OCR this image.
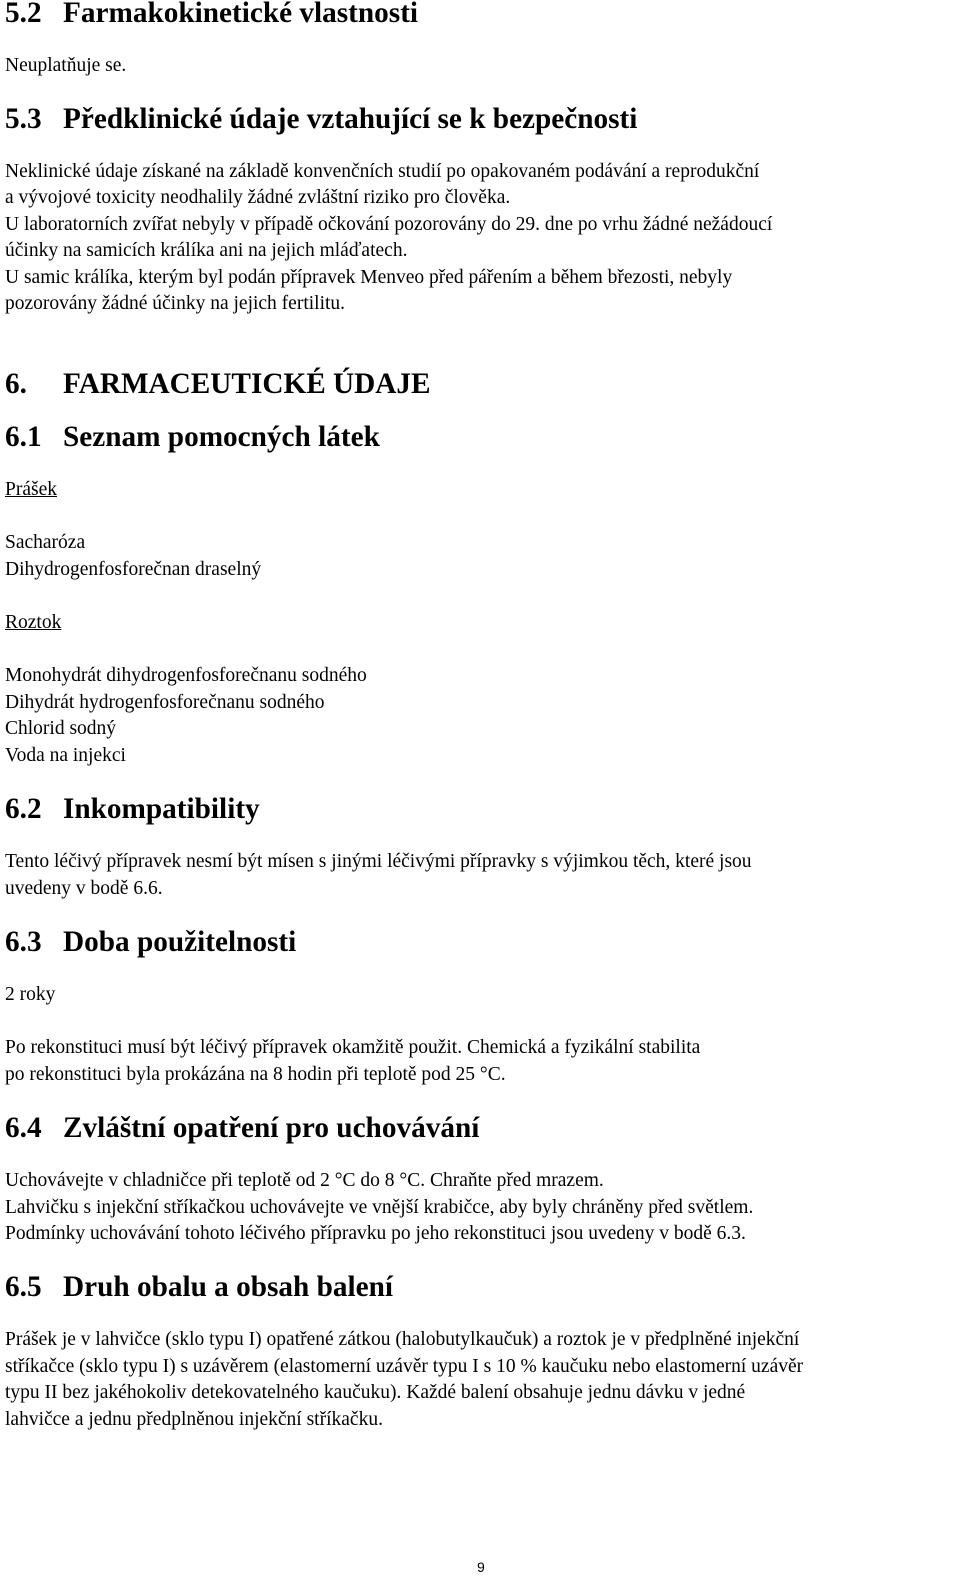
5.2 Farmakokinetické vlastnosti

Neuplatňuje se.

5.3 Předklinické údaje vztahující se k bezpečnosti

Neklinické údaje získané na základě konvenčních studií po opakovaném podávání a reprodukční

a vývojové toxicity neodhalily žádné zvláštní riziko pro člověka.

U laboratorních zvířat nebyly v případě očkování pozorovány do 29. dne po vrhu žádné nežádoucí

účinky na samicích králíka ani na jejich mláďatech.

U samic králíka, kterým byl podán přípravek Menveo před pářením a během březosti, nebyly

pozorovány žádné účinky na jejich fertilitu.

6. FARMACEUTICKÉ ÚDAJE
6.1 Seznam pomocných látek

Prášek

Sacharóza

Dihydrogenfosforečnan draselný

Roztok

Monohydrát dihydrogenfosforečnanu sodného

Dihydrát hydrogenfosforečnanu sodného

Chlorid sodný

Voda na injekci

6.2 Inkompatibility

Tento léčivý přípravek nesmí být mísen s jinými léčivými přípravky s výjimkou těch, které jsou

uvedeny v bodě 6.6.

6.3 Doba použitelnosti

2 roky

Po rekonstituci musí být léčivý přípravek okamžitě použit. Chemická a fyzikální stabilita

po rekonstituci byla prokázána na 8 hodin při teplotě pod 25 °C.

6.4 Zvláštní opatření pro uchovávání

Uchovávejte v chladničce při teplotě od 2 °C do 8 °C. Chraňte před mrazem.

Lahvičku s injekční stříkačkou uchovávejte ve vnější krabičce, aby byly chráněny před světlem.

Podmínky uchovávání tohoto léčivého přípravku po jeho rekonstituci jsou uvedeny v bodě 6.3.

6.5 Druh obalu a obsah balení

Prášek je v lahvičce (sklo typu I) opatřené zátkou (halobutylkaučuk) a roztok je v předplněné injekční

stříkačce (sklo typu I) s uzávěrem (elastomerní uzávěr typu I s 10 % kaučuku nebo elastomerní uzávěr

typu II bez jakéhokoliv detekovatelného kaučuku). Každé balení obsahuje jednu dávku v jedné

lahvičce a jednu předplněnou injekční stříkačku.

9
